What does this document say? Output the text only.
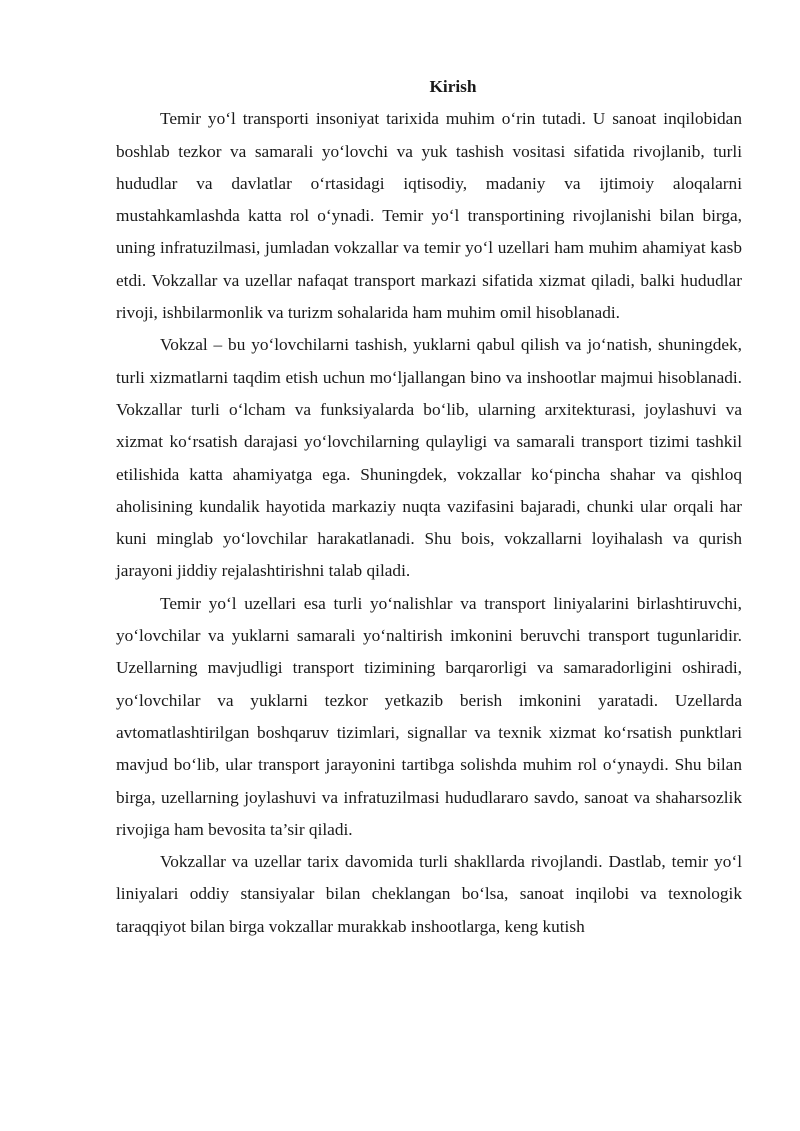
Kirish

Temir yo‘l transporti insoniyat tarixida muhim o‘rin tutadi. U sanoat inqilobidan boshlab tezkor va samarali yo‘lovchi va yuk tashish vositasi sifatida rivojlanib, turli hududlar va davlatlar o‘rtasidagi iqtisodiy, madaniy va ijtimoiy aloqalarni mustahkamlashda katta rol o‘ynadi. Temir yo‘l transportining rivojlanishi bilan birga, uning infratuzilmasi, jumladan vokzallar va temir yo‘l uzellari ham muhim ahamiyat kasb etdi. Vokzallar va uzellar nafaqat transport markazi sifatida xizmat qiladi, balki hududlar rivoji, ishbilarmonlik va turizm sohalarida ham muhim omil hisoblanadi.

Vokzal – bu yo‘lovchilarni tashish, yuklarni qabul qilish va jo‘natish, shuningdek, turli xizmatlarni taqdim etish uchun mo‘ljallangan bino va inshootlar majmui hisoblanadi. Vokzallar turli o‘lcham va funksiyalarda bo‘lib, ularning arxitekturasi, joylashuvi va xizmat ko‘rsatish darajasi yo‘lovchilarning qulayligi va samarali transport tizimi tashkil etilishida katta ahamiyatga ega. Shuningdek, vokzallar ko‘pincha shahar va qishloq aholisining kundalik hayotida markaziy nuqta vazifasini bajaradi, chunki ular orqali har kuni minglab yo‘lovchilar harakatlanadi. Shu bois, vokzallarni loyihalash va qurish jarayoni jiddiy rejalashtirishni talab qiladi.

Temir yo‘l uzellari esa turli yo‘nalishlar va transport liniyalarini birlashtiruvchi, yo‘lovchilar va yuklarni samarali yo‘naltirish imkonini beruvchi transport tugunlaridir. Uzellarning mavjudligi transport tizimining barqarorligi va samaradorligini oshiradi, yo‘lovchilar va yuklarni tezkor yetkazib berish imkonini yaratadi. Uzellarda avtomatlashtirilgan boshqaruv tizimlari, signallar va texnik xizmat ko‘rsatish punktlari mavjud bo‘lib, ular transport jarayonini tartibga solishda muhim rol o‘ynaydi. Shu bilan birga, uzellarning joylashuvi va infratuzilmasi hududlararo savdo, sanoat va shaharsozlik rivojiga ham bevosita ta’sir qiladi.

Vokzallar va uzellar tarix davomida turli shakllarda rivojlandi. Dastlab, temir yo‘l liniyalari oddiy stansiyalar bilan cheklangan bo‘lsa, sanoat inqilobi va texnologik taraqqiyot bilan birga vokzallar murakkab inshootlarga, keng kutish
